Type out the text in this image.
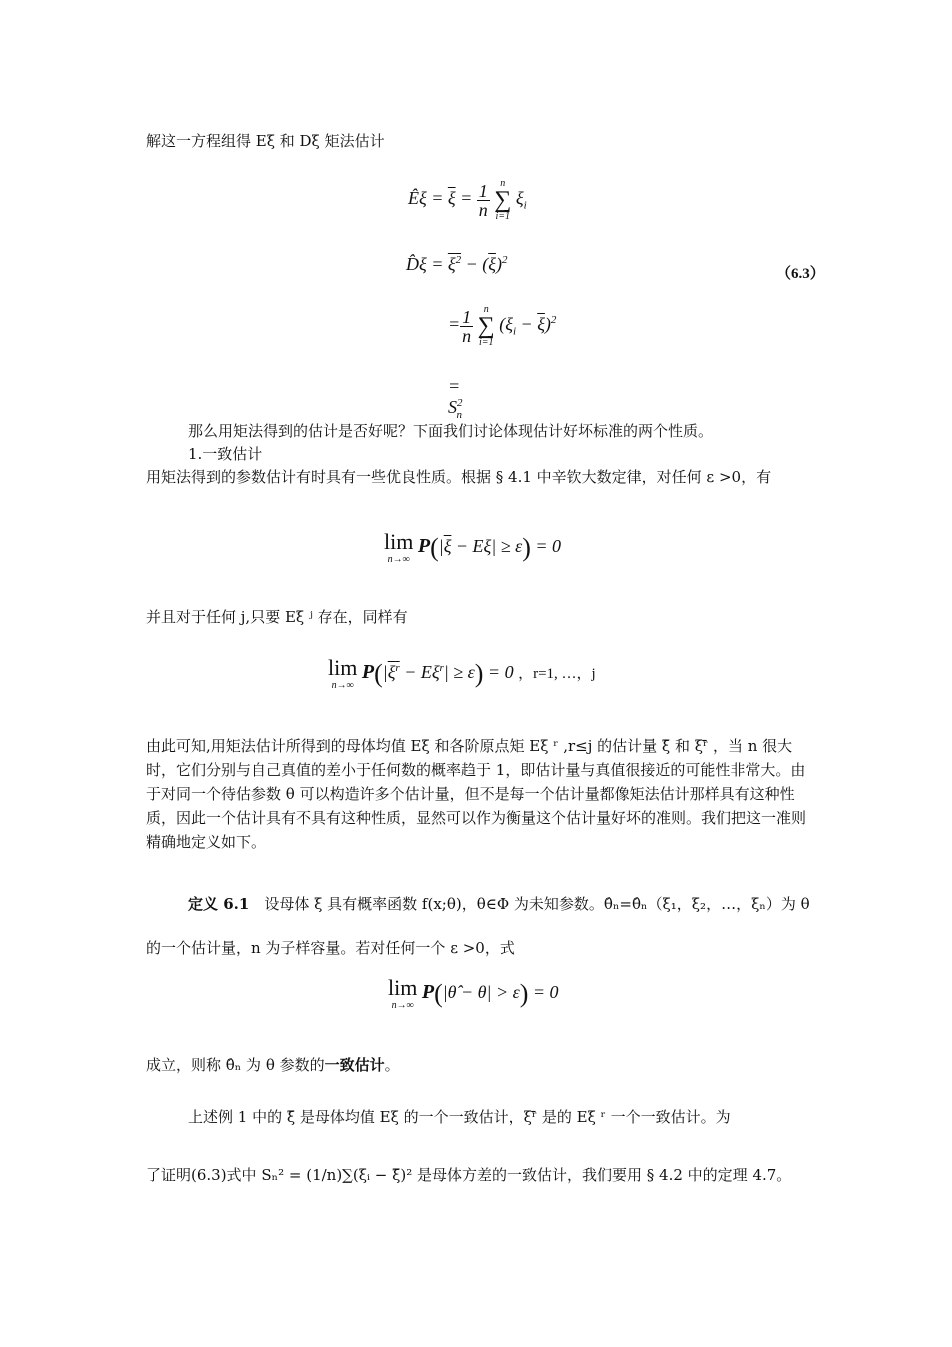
解这一方程组得 Eξ 和 Dξ 矩法估计

Êξ = $\overline{\xi} = \frac{1}{n}$
	n
∑
i=1
$\xi_i$
D̂ξ = $\xi^2 - (\overline{\xi})^2$
（6.3）
= $\frac{1}{n}$
	n
∑
i=1
$(\xi_i - \overline{\xi})^2$
= $S^2_n$

那么用矩法得到的估计是否好呢？下面我们讨论体现估计好坏标准的两个性质。

1.一致估计

用矩法得到的参数估计有时具有一些优良性质。根据 § 4.1 中辛钦大数定律，对任何 ε >0，有

lim
n→∞
$P(|\overline{\xi} - E\xi| \ge \varepsilon) = 0$

并且对于任何 j,只要 Eξ ʲ 存在，同样有

lim
n→∞
$P(|\xi^r - E\xi^r| \ge \varepsilon) = 0$ ，r=1, …，j

由此可知,用矩法估计所得到的母体均值 Eξ 和各阶原点矩 Eξ ʳ ,r≤j 的估计量 ξ̄ 和 ξʳ̄ ，当 n 很大时，它们分别与自己真值的差小于任何数的概率趋于 1，即估计量与真值很接近的可能性非常大。由于对同一个待估参数 θ 可以构造许多个估计量，但不是每一个估计量都像矩法估计那样具有这种性质，因此一个估计具有不具有这种性质，显然可以作为衡量这个估计量好坏的准则。我们把这一准则精确地定义如下。

定义 6.1　 设母体 ξ 具有概率函数 f(x;θ)，θ∈Φ 为未知参数。θ̂ₙ=θ̂ₙ（ξ₁，ξ₂，…，ξₙ）为 θ 的一个估计量，n 为子样容量。若对任何一个 ε >0，式

lim
n→∞
P(|θ̂ − θ| > ε) = 0

成立，则称 θ̂ₙ 为 θ 参数的一致估计。

上述例 1 中的 ξ̄ 是母体均值 Eξ 的一个一致估计，ξʳ̄ 是的 Eξ ʳ 一个一致估计。为

了证明(6.3)式中 Sₙ² = (1/n)∑(ξᵢ − ξ̄)² 是母体方差的一致估计，我们要用 § 4.2 中的定理 4.7。
